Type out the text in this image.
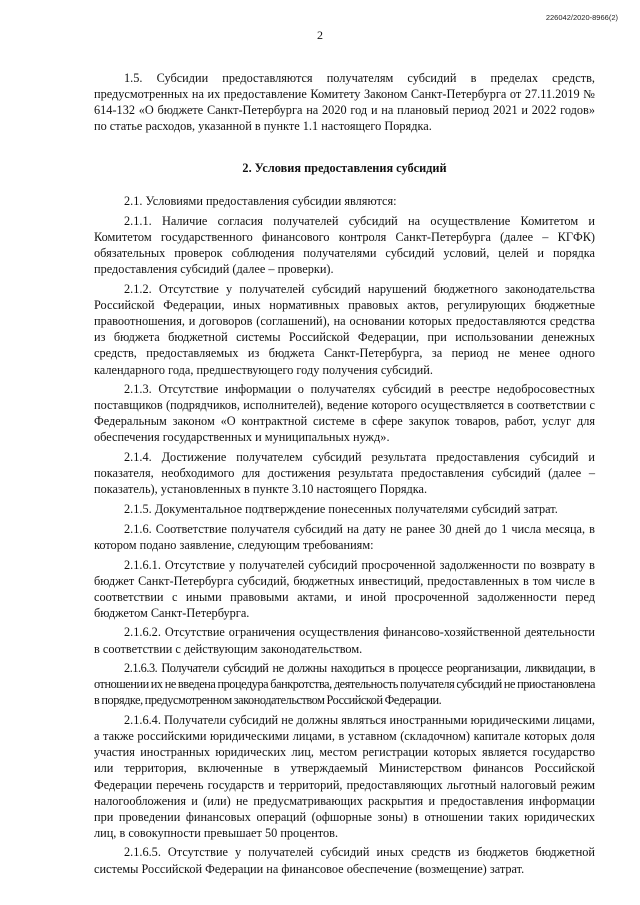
226042/2020-8966(2)
2

1.5. Субсидии предоставляются получателям субсидий в пределах средств, предусмотренных на их предоставление Комитету Законом Санкт-Петербурга от 27.11.2019 № 614-132 «О бюджете Санкт-Петербурга на 2020 год и на плановый период 2021 и 2022 годов» по статье расходов, указанной в пункте 1.1 настоящего Порядка.

2. Условия предоставления субсидий

2.1. Условиями предоставления субсидии являются:

2.1.1. Наличие согласия получателей субсидий на осуществление Комитетом и Комитетом государственного финансового контроля Санкт-Петербурга (далее – КГФК) обязательных проверок соблюдения получателями субсидий условий, целей и порядка предоставления субсидий (далее – проверки).

2.1.2. Отсутствие у получателей субсидий нарушений бюджетного законодательства Российской Федерации, иных нормативных правовых актов, регулирующих бюджетные правоотношения, и договоров (соглашений), на основании которых предоставляются средства из бюджета бюджетной системы Российской Федерации, при использовании денежных средств, предоставляемых из бюджета Санкт-Петербурга, за период не менее одного календарного года, предшествующего году получения субсидий.

2.1.3. Отсутствие информации о получателях субсидий в реестре недобросовестных поставщиков (подрядчиков, исполнителей), ведение которого осуществляется в соответствии с Федеральным законом «О контрактной системе в сфере закупок товаров, работ, услуг для обеспечения государственных и муниципальных нужд».

2.1.4. Достижение получателем субсидий результата предоставления субсидий и показателя, необходимого для достижения результата предоставления субсидий (далее – показатель), установленных в пункте 3.10 настоящего Порядка.

2.1.5. Документальное подтверждение понесенных получателями субсидий затрат.

2.1.6. Соответствие получателя субсидий на дату не ранее 30 дней до 1 числа месяца, в котором подано заявление, следующим требованиям:

2.1.6.1. Отсутствие у получателей субсидий просроченной задолженности по возврату в бюджет Санкт-Петербурга субсидий, бюджетных инвестиций, предоставленных в том числе в соответствии с иными правовыми актами, и иной просроченной задолженности перед бюджетом Санкт-Петербурга.

2.1.6.2. Отсутствие ограничения осуществления финансово-хозяйственной деятельности в соответствии с действующим законодательством.

2.1.6.3. Получатели субсидий не должны находиться в процессе реорганизации, ликвидации, в отношении их не введена процедура банкротства, деятельность получателя субсидий не приостановлена в порядке, предусмотренном законодательством Российской Федерации.

2.1.6.4. Получатели субсидий не должны являться иностранными юридическими лицами, а также российскими юридическими лицами, в уставном (складочном) капитале которых доля участия иностранных юридических лиц, местом регистрации которых является государство или территория, включенные в утверждаемый Министерством финансов Российской Федерации перечень государств и территорий, предоставляющих льготный налоговый режим налогообложения и (или) не предусматривающих раскрытия и предоставления информации при проведении финансовых операций (офшорные зоны) в отношении таких юридических лиц, в совокупности превышает 50 процентов.

2.1.6.5. Отсутствие у получателей субсидий иных средств из бюджетов бюджетной системы Российской Федерации на финансовое обеспечение (возмещение) затрат.
